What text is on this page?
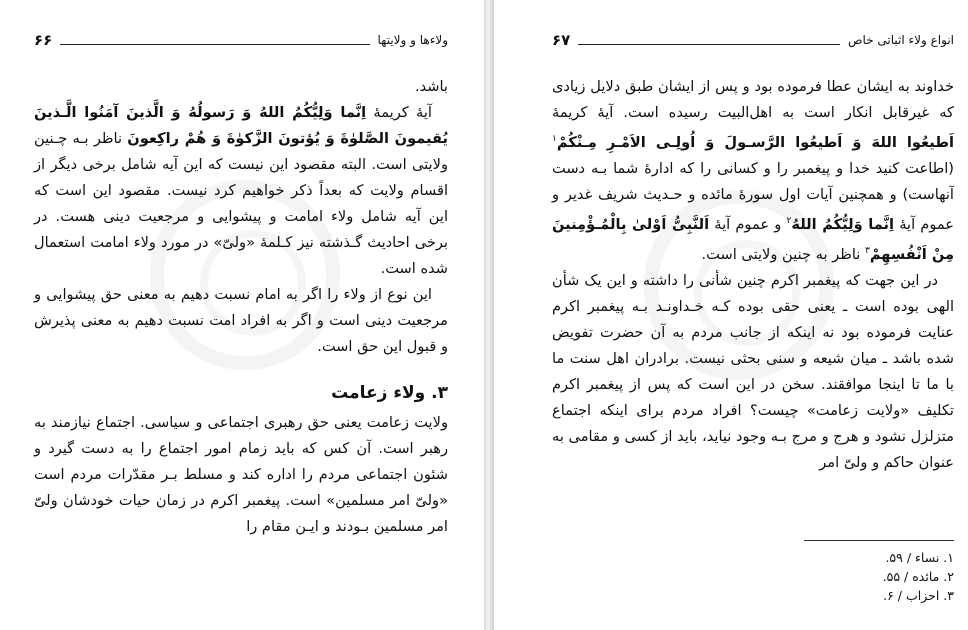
۶۶	ولاءها و ولایتها

باشد.

آیهٔ کریمهٔ اِنَّما وَلِیُّکُمُ اللهُ وَ رَسولُهُ وَ الَّذینَ آمَنُوا الَّـذینَ یُقیمونَ الصَّلوٰةَ وَ یُؤتونَ الزَّکوٰةَ وَ هُمْ راکِعونَ ناظر بـه چـنین ولایتی است. البته مقصود این نیست که این آیه شامل برخی دیگر از اقسام ولایت که بعداً ذکر خواهیم کرد نیست. مقصود این است که این آیه شامل ولاء امامت و پیشوایی و مرجعیت دینی هست. در برخی احادیث گـذشته نیز کـلمهٔ «ولیّ» در مورد ولاء امامت استعمال شده است.

این نوع از ولاء را اگر به امام نسبت دهیم به معنی حق پیشوایی و مرجعیت دینی است و اگر به افراد امت نسبت دهیم به معنی پذیرش و قبول این حق است.

۳. ولاء زعامت

ولایت زعامت یعنی حق رهبری اجتماعی و سیاسی. اجتماع نیازمند به رهبر است. آن کس که باید زمام امور اجتماع را به دست گیرد و شئون اجتماعی مردم را اداره کند و مسلط بـر مقدّرات مردم است «ولیّ امر مسلمین» است. پیغمبر اکرم در زمان حیات خودشان ولیّ امر مسلمین بـودند و ایـن مقام را

۶۷	انواع ولاء اثباتی خاص

خداوند به ایشان عطا فرموده بود و پس از ایشان طبق دلایل زیادی که غیرقابل انکار است به اهل‌البیت رسیده است. آیهٔ کریمهٔ اَطیعُوا اللهَ وَ اَطیعُوا الرَّسـولَ وَ اُولِـی الاَمْـرِ مِـنْکُمْ$^۱$ (اطاعت کنید خدا و پیغمبر را و کسانی را که ادارهٔ شما بـه دست آنهاست) و همچنین آیات اول سورهٔ مائده و حـدیث شریف غدیر و عموم آیهٔ اِنَّما وَلِیُّکُمُ اللهُ$^۲$ و عموم آیهٔ اَلنَّبِیُّ اَوْلیٰ بِالْمُـؤْمِنینَ مِنْ اَنْفُسِهِمْ$^۳$ ناظر به چنین ولایتی است.

در این جهت که پیغمبر اکرم چنین شأنی را داشته و این یک شأن الهی بوده است ـ یعنی حقی بوده کـه خـداونـد بـه پیغمبر اکرم عنایت فرموده بود نه اینکه از جانب مردم به آن حضرت تفویض شده باشد ـ میان شیعه و سنی بحثی نیست. برادران اهل سنت ما با ما تا اینجا موافقند. سخن در این است که پس از پیغمبر اکرم تکلیف «ولایت زعامت» چیست؟ افراد مردم برای اینکه اجتماع متزلزل نشود و هرج و مرج بـه وجود نیاید، باید از کسی و مقامی به عنوان حاکم و ولیّ امر

۱. نساء / ۵۹.
۲. مائده / ۵۵.
۳. احزاب / ۶.
